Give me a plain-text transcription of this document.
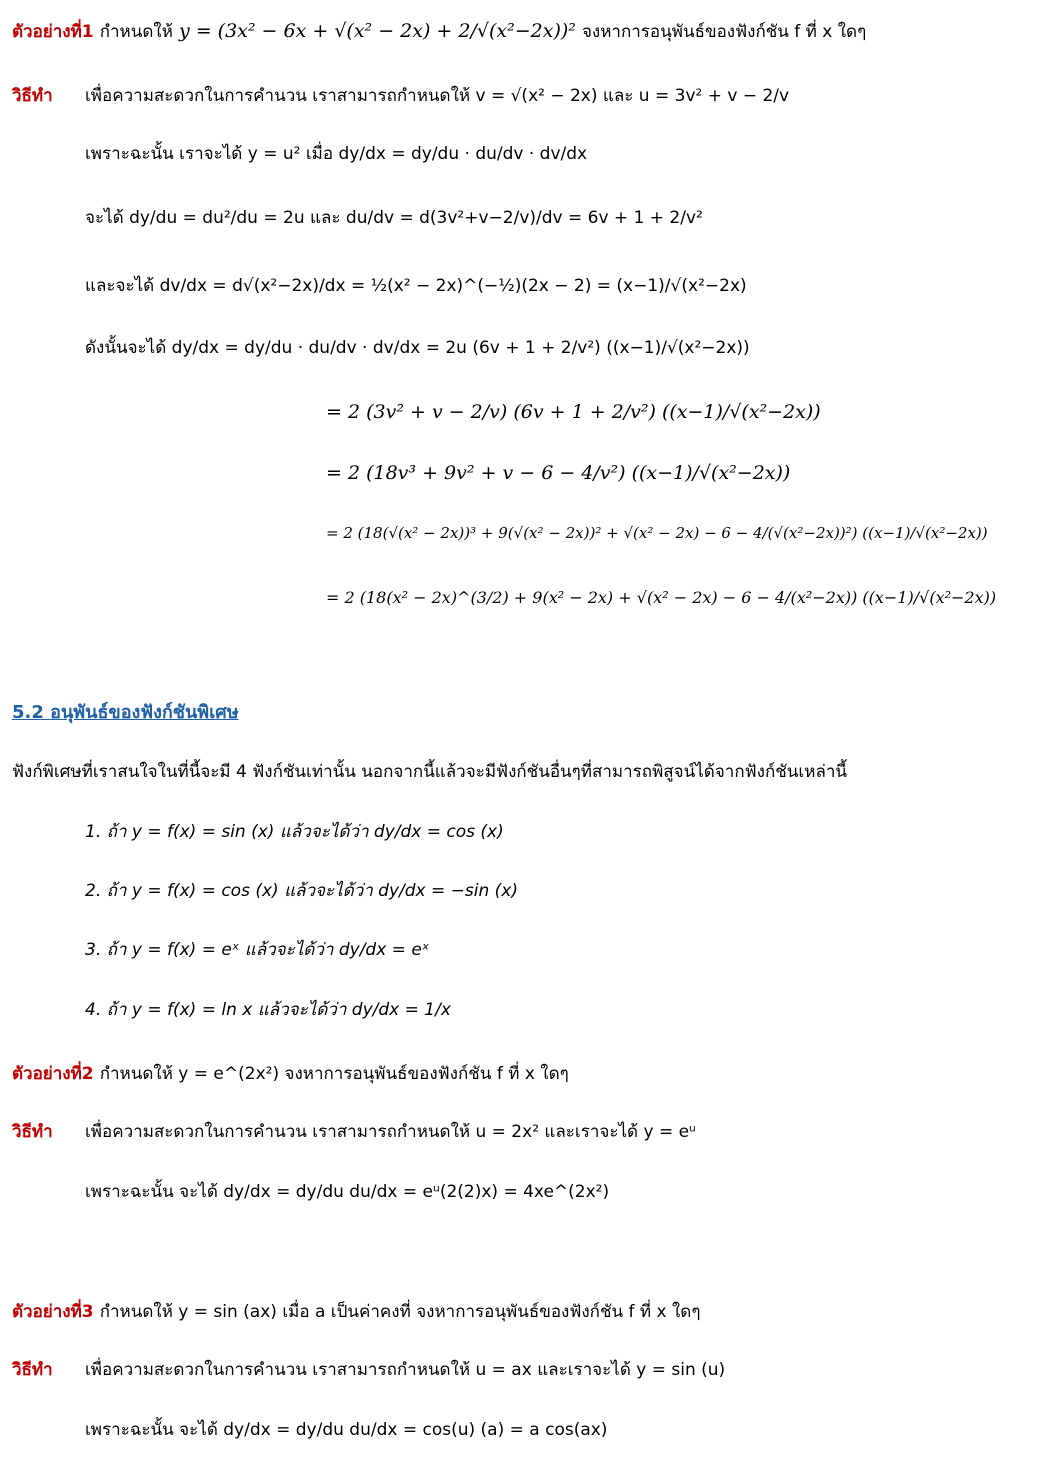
ตัวอย่างที่1 กำหนดให้ y = (3x² − 6x + √(x² − 2x) + 2/√(x²−2x))² จงหาการอนุพันธ์ของฟังก์ชัน f ที่ x ใดๆ
วิธีทำ เพื่อความสะดวกในการคำนวน เราสามารถกำหนดให้ v = √(x² − 2x) และ u = 3v² + v − 2/v
เพราะฉะนั้น เราจะได้ y = u² เมื่อ dy/dx = dy/du · du/dv · dv/dx
จะได้ dy/du = du²/du = 2u และ du/dv = d(3v²+v−2/v)/dv = 6v + 1 + 2/v²
และจะได้ dv/dx = d√(x²−2x)/dx = ½(x² − 2x)^(−½)(2x − 2) = (x−1)/√(x²−2x)
ดังนั้นจะได้ dy/dx = dy/du · du/dv · dv/dx = 2u (6v + 1 + 2/v²) ((x−1)/√(x²−2x))
= 2 (3v² + v − 2/v) (6v + 1 + 2/v²) ((x−1)/√(x²−2x))
= 2 (18v³ + 9v² + v − 6 − 4/v²) ((x−1)/√(x²−2x))
= 2 (18(√(x² − 2x))³ + 9(√(x² − 2x))² + √(x² − 2x) − 6 − 4/(√(x²−2x))²) ((x−1)/√(x²−2x))
= 2 (18(x² − 2x)^(3/2) + 9(x² − 2x) + √(x² − 2x) − 6 − 4/(x²−2x)) ((x−1)/√(x²−2x))
5.2 อนุพันธ์ของฟังก์ชันพิเศษ
ฟังก์พิเศษที่เราสนใจในที่นี้จะมี 4 ฟังก์ชันเท่านั้น นอกจากนี้แล้วจะมีฟังก์ชันอื่นๆที่สามารถพิสูจน์ได้จากฟังก์ชันเหล่านี้
1. ถ้า y = f(x) = sin (x) แล้วจะได้ว่า dy/dx = cos (x)
2. ถ้า y = f(x) = cos (x) แล้วจะได้ว่า dy/dx = −sin (x)
3. ถ้า y = f(x) = eˣ แล้วจะได้ว่า dy/dx = eˣ
4. ถ้า y = f(x) = ln x แล้วจะได้ว่า dy/dx = 1/x
ตัวอย่างที่2 กำหนดให้ y = e^(2x²) จงหาการอนุพันธ์ของฟังก์ชัน f ที่ x ใดๆ
วิธีทำ เพื่อความสะดวกในการคำนวน เราสามารถกำหนดให้ u = 2x² และเราจะได้ y = eᵘ
เพราะฉะนั้น จะได้ dy/dx = dy/du du/dx = eᵘ(2(2)x) = 4xe^(2x²)
ตัวอย่างที่3 กำหนดให้ y = sin (ax) เมื่อ a เป็นค่าคงที่ จงหาการอนุพันธ์ของฟังก์ชัน f ที่ x ใดๆ
วิธีทำ เพื่อความสะดวกในการคำนวน เราสามารถกำหนดให้ u = ax และเราจะได้ y = sin (u)
เพราะฉะนั้น จะได้ dy/dx = dy/du du/dx = cos(u) (a) = a cos(ax)
